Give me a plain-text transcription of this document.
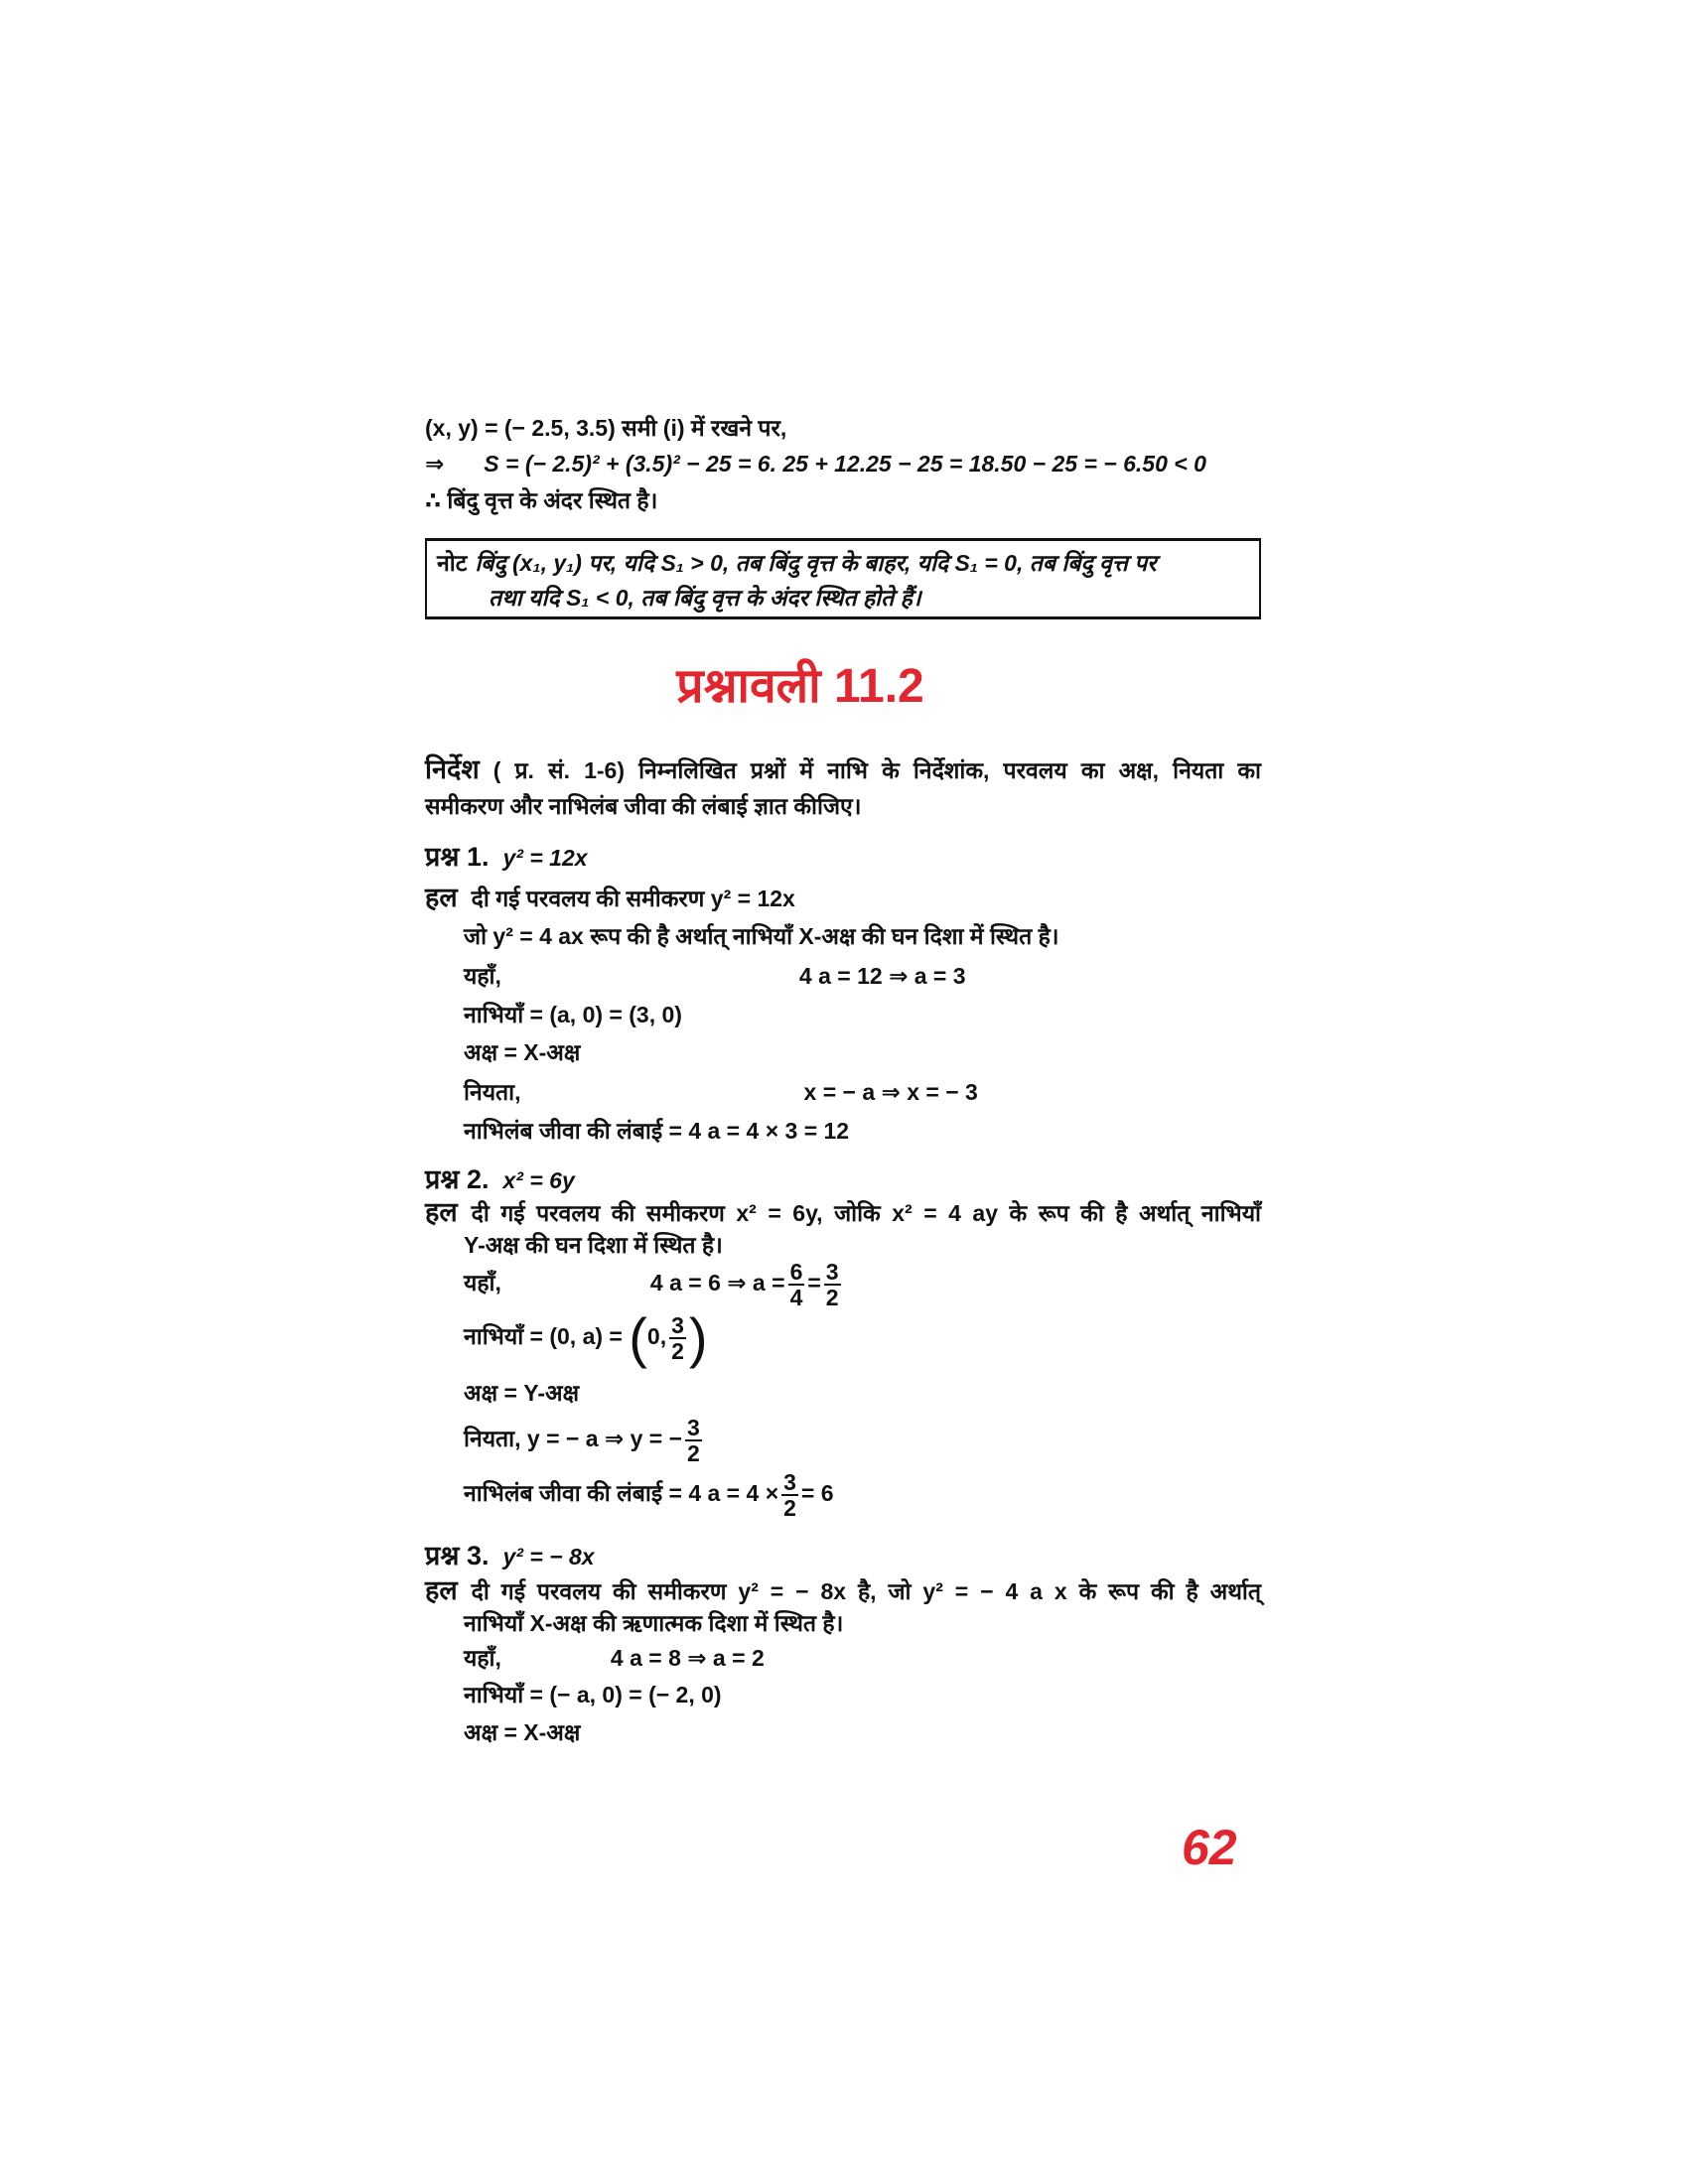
(x, y) = (− 2.5, 3.5) समी (i) में रखने पर,
⇒ S = (− 2.5)² + (3.5)² − 25 = 6. 25 + 12.25 − 25 = 18.50 − 25 = − 6.50 < 0
∴ बिंदु वृत्त के अंदर स्थित है।
नोट बिंदु (x₁, y₁) पर, यदि S₁ > 0, तब बिंदु वृत्त के बाहर, यदि S₁ = 0, तब बिंदु वृत्त पर
तथा यदि S₁ < 0, तब बिंदु वृत्त के अंदर स्थित होते हैं।
प्रश्नावली 11.2
निर्देश ( प्र. सं. 1-6) निम्नलिखित प्रश्नों में नाभि के निर्देशांक, परवलय का अक्ष, नियता का
समीकरण और नाभिलंब जीवा की लंबाई ज्ञात कीजिए।
प्रश्न 1. y² = 12x
हल दी गई परवलय की समीकरण y² = 12x
जो y² = 4 ax रूप की है अर्थात् नाभियाँ X-अक्ष की घन दिशा में स्थित है।
यहाँ,	4 a = 12 ⇒ a = 3
नाभियाँ = (a, 0) = (3, 0)
अक्ष = X-अक्ष
नियता,	x = − a ⇒ x = − 3
नाभिलंब जीवा की लंबाई = 4 a = 4 × 3 = 12
प्रश्न 2. x² = 6y
हल दी गई परवलय की समीकरण x² = 6y, जोकि x² = 4 ay के रूप की है अर्थात् नाभियाँ
Y-अक्ष की घन दिशा में स्थित है।
यहाँ,	4 a = 6 ⇒ $a = \frac{6}{4} = \frac{3}{2}$
नाभियाँ = (0, a) = (0, $\frac{3}{2}$ )
अक्ष = Y-अक्ष
नियता, y = − a ⇒ y = − $\frac{3}{2}$
नाभिलंब जीवा की लंबाई = 4 $a = 4 \times \frac{3}{2} = 6$
प्रश्न 3. y² = − 8x
हल दी गई परवलय की समीकरण y² = − 8x है, जो y² = − 4 a x के रूप की है अर्थात्
नाभियाँ X-अक्ष की ऋणात्मक दिशा में स्थित है।
यहाँ,	4 a = 8 ⇒ a = 2
नाभियाँ = (− a, 0) = (− 2, 0)
अक्ष = X-अक्ष
62
